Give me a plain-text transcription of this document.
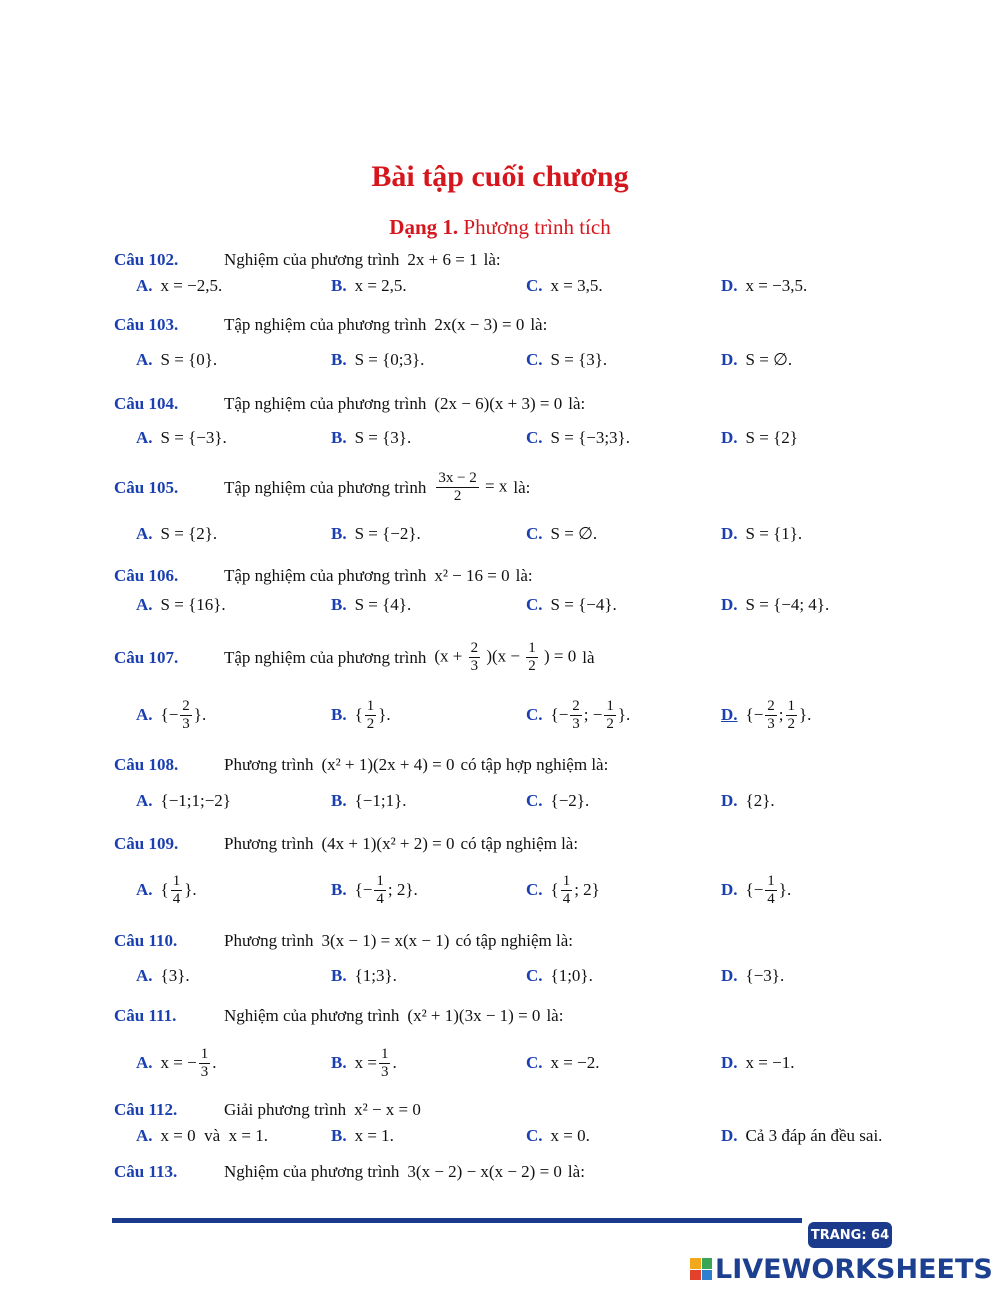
Bài tập cuối chương
Dạng 1. Phương trình tích
Câu 102.	Nghiệm của phương trình 2x + 6 = 1 là:
A. x = −2,5.	B. x = 2,5.	C. x = 3,5.	D. x = −3,5.
Câu 103.	Tập nghiệm của phương trình 2x(x − 3) = 0 là:
A. S = {0}.	B. S = {0;3}.	C. S = {3}.	D. S = ∅.
Câu 104.	Tập nghiệm của phương trình (2x − 6)(x + 3) = 0 là:
A. S = {−3}.	B. S = {3}.	C. S = {−3;3}.	D. S = {2}
Câu 105.	Tập nghiệm của phương trình $\frac{3x - 2}{2} = x$ là:
A. S = {2}.	B. S = {−2}.	C. S = ∅.	D. S = {1}.
Câu 106.	Tập nghiệm của phương trình x² − 16 = 0 là:
A. S = {16}.	B. S = {4}.	C. S = {−4}.	D. S = {−4; 4}.
Câu 107.	Tập nghiệm của phương trình $(x + \frac{2}{3} )(x - \frac{1}{2}$ ) = 0 là
A. {− $\frac{2}{3}$ }.	B. { $\frac{1}{2}$ }.	C. {− $\frac{2}{3}$ ; − $\frac{1}{2}$ }.	D. {− $\frac{2}{3}$ ; $\frac{1}{2}$ }.
Câu 108.	Phương trình (x² + 1)(2x + 4) = 0 có tập hợp nghiệm là:
A. {−1;1;−2}	B. {−1;1}.	C. {−2}.	D. {2}.
Câu 109.	Phương trình (4x + 1)(x² + 2) = 0 có tập nghiệm là:
A. { $\frac{1}{4}$ }.	B. {− $\frac{1}{4}$ ; 2}.	C. { $\frac{1}{4}$ ; 2}	D. {− $\frac{1}{4}$ }.
Câu 110.	Phương trình 3(x − 1) = x(x − 1) có tập nghiệm là:
A. {3}.	B. {1;3}.	C. {1;0}.	D. {−3}.
Câu 111.	Nghiệm của phương trình (x² + 1)(3x − 1) = 0 là:
A. x = − $\frac{1}{3}$ .	B. $x = \frac{1}{3}$ .	C. x = −2.	D. x = −1.
Câu 112.	Giải phương trình x² − x = 0
A. x = 0  và  x = 1.	B. x = 1.	C. x = 0.	D. Cả 3 đáp án đều sai.
Câu 113.	Nghiệm của phương trình 3(x − 2) − x(x − 2) = 0 là:
TRANG: 64
LIVEWORKSHEETS
